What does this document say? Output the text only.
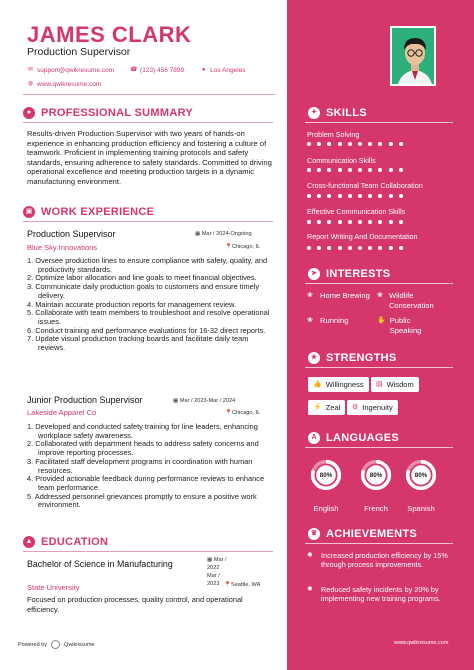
JAMES CLARK
Production Supervisor
✉ support@qwikresume.com	☎ (123) 456 7899	● Los Angeles
◍ www.qwikresume.com
● PROFESSIONAL SUMMARY
Results-driven Production Supervisor with two years of hands-on experience in enhancing production efficiency and fostering a culture of teamwork. Proficient in implementing training protocols and safety standards, ensuring adherence to safety standards. Committed to driving operational excellence and meeting production targets in a dynamic manufacturing environment.
▣ WORK EXPERIENCE
Production Supervisor	▦ Mar / 2024-Ongoing
Blue Sky Innovations	📍Chicago, IL
1. Oversee production lines to ensure compliance with safety, quality, and productivity standards.
2. Optimize labor allocation and line goals to meet financial objectives.
3. Communicate daily production goals to customers and ensure timely delivery.
4. Maintain accurate production reports for management review.
5. Collaborate with team members to troubleshoot and resolve operational issues.
6. Conduct training and performance evaluations for 16-32 direct reports.
7. Update visual production tracking boards and facilitate daily team reviews.
Junior Production Supervisor	▦ Mar / 2023-Mar / 2024
Lakeside Apparel Co	📍Chicago, IL
1. Developed and conducted safety training for line leaders, enhancing workplace safety awareness.
2. Collaborated with department heads to address safety concerns and improve reporting processes.
3. Facilitated staff development programs in coordination with human resources.
4. Provided actionable feedback during performance reviews to enhance team performance.
5. Addressed personnel grievances promptly to ensure a positive work environment.
▲ EDUCATION
Bachelor of Science in Manufacturing	▦ Mar /
2022
Mar /
2023
State University	📍Seattle, WA
Focused on production processes, quality control, and operational efficiency.
Powered by	Qwikresume	www.qwikresume.com
✦ SKILLS
Problem Solving
Communication Skills
Cross-functional Team Collaboration
Effective Communication Skills
Report Writing And Documentation
➤ INTERESTS
❀ Home Brewing ❀ Wildlife Conservation
❀ Running	✋ Public Speaking
★ STRENGTHS
👍 Willingness ▤ Wisdom
⚡ Zeal ⚙ Ingenuity
A LANGUAGES
80%
English
80%
French
80%
Spanish
♛ ACHIEVEMENTS
✸	Increased production efficiency by 15% through process improvements.
✸	Reduced safety incidents by 20% by implementing new training programs.
